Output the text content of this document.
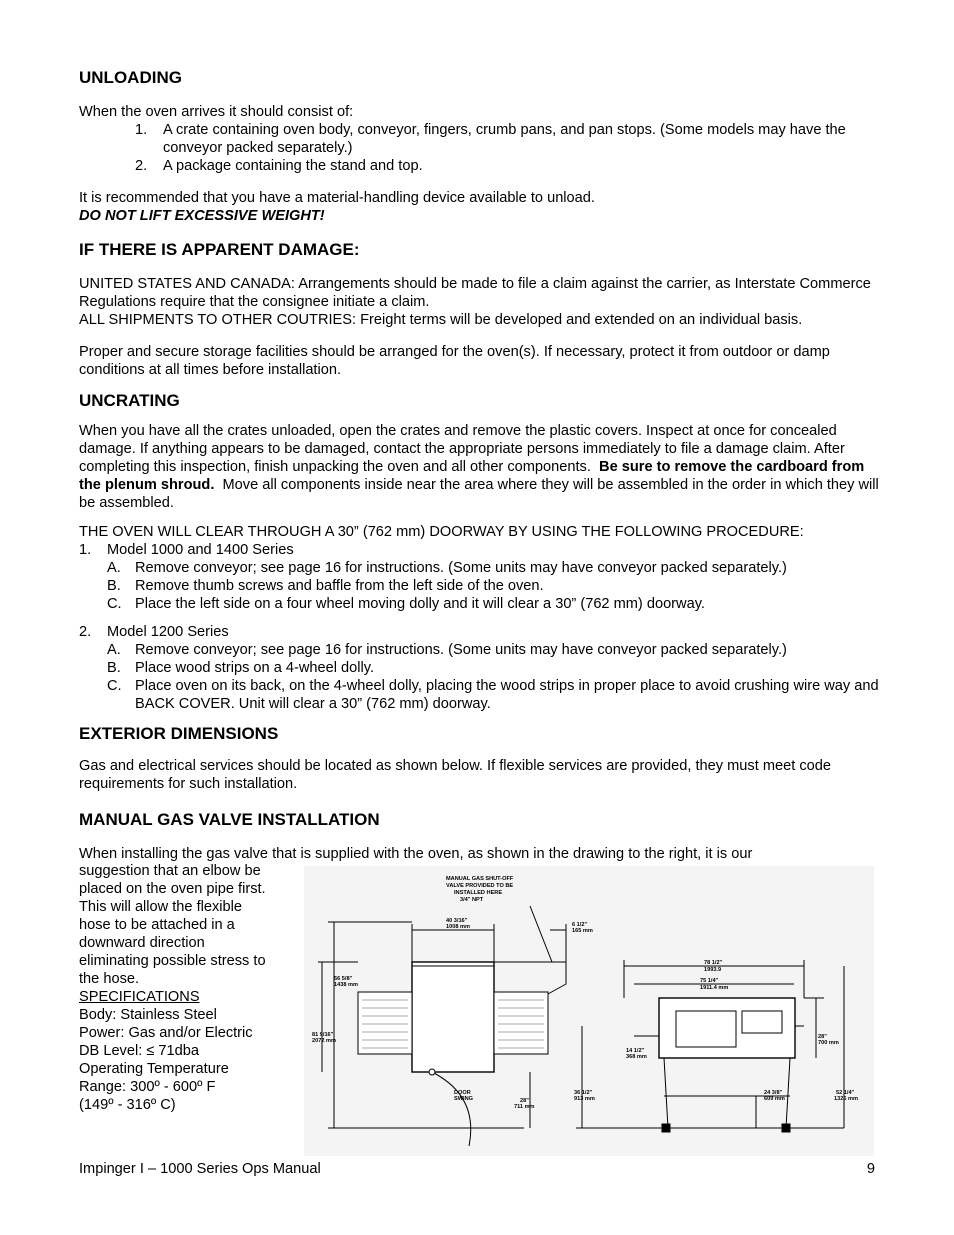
UNLOADING

When the oven arrives it should consist of:

1. A crate containing oven body, conveyor, fingers, crumb pans, and pan stops. (Some models may have the conveyor packed separately.)

2. A package containing the stand and top.

It is recommended that you have a material-handling device available to unload.

DO NOT LIFT EXCESSIVE WEIGHT!

IF THERE IS APPARENT DAMAGE:

UNITED STATES AND CANADA: Arrangements should be made to file a claim against the carrier, as Interstate Commerce Regulations require that the consignee initiate a claim.

ALL SHIPMENTS TO OTHER COUTRIES: Freight terms will be developed and extended on an individual basis.

Proper and secure storage facilities should be arranged for the oven(s). If necessary, protect it from outdoor or damp conditions at all times before installation.

UNCRATING

When you have all the crates unloaded, open the crates and remove the plastic covers. Inspect at once for concealed damage. If anything appears to be damaged, contact the appropriate persons immediately to file a damage claim. After completing this inspection, finish unpacking the oven and all other components. Be sure to remove the cardboard from the plenum shroud. Move all components inside near the area where they will be assembled in the order in which they will be assembled.

THE OVEN WILL CLEAR THROUGH A 30” (762 mm) DOORWAY BY USING THE FOLLOWING PROCEDURE:

1. Model 1000 and 1400 Series

A. Remove conveyor; see page 16 for instructions. (Some units may have conveyor packed separately.)

B. Remove thumb screws and baffle from the left side of the oven.

C. Place the left side on a four wheel moving dolly and it will clear a 30” (762 mm) doorway.

2. Model 1200 Series

A. Remove conveyor; see page 16 for instructions. (Some units may have conveyor packed separately.)

B. Place wood strips on a 4-wheel dolly.

C. Place oven on its back, on the 4-wheel dolly, placing the wood strips in proper place to avoid crushing wire way and BACK COVER. Unit will clear a 30” (762 mm) doorway.

EXTERIOR DIMENSIONS

Gas and electrical services should be located as shown below. If flexible services are provided, they must meet code requirements for such installation.

MANUAL GAS VALVE INSTALLATION

When installing the gas valve that is supplied with the oven, as shown in the drawing to the right, it is our

suggestion that an elbow be

placed on the oven pipe first.

This will allow the flexible

hose to be attached in a

downward direction

eliminating possible stress to

the hose.

SPECIFICATIONS

Body: Stainless Steel

Power: Gas and/or Electric

DB Level: ≤ 71dba

Operating Temperature

Range: 300º - 600º F

(149º - 316º C)

MANUAL GAS SHUT-OFF
VALVE PROVIDED TO BE
INSTALLED HERE
3/4" NPT
40 3/16"
1008 mm	6 1/2"
165 mm
56 5/8"
1438 mm
81 9/16"
2072 mm
DOOR
SWING	28"
711 mm
78 1/2"
1993.9
75 1/4"
1911.4 mm
14 1/2"
368 mm
36 1/2"
913 mm
24 3/8"
609 mm
28"
700 mm
52 1/4"
1325 mm
Impinger I – 1000 Series Ops Manual	9
